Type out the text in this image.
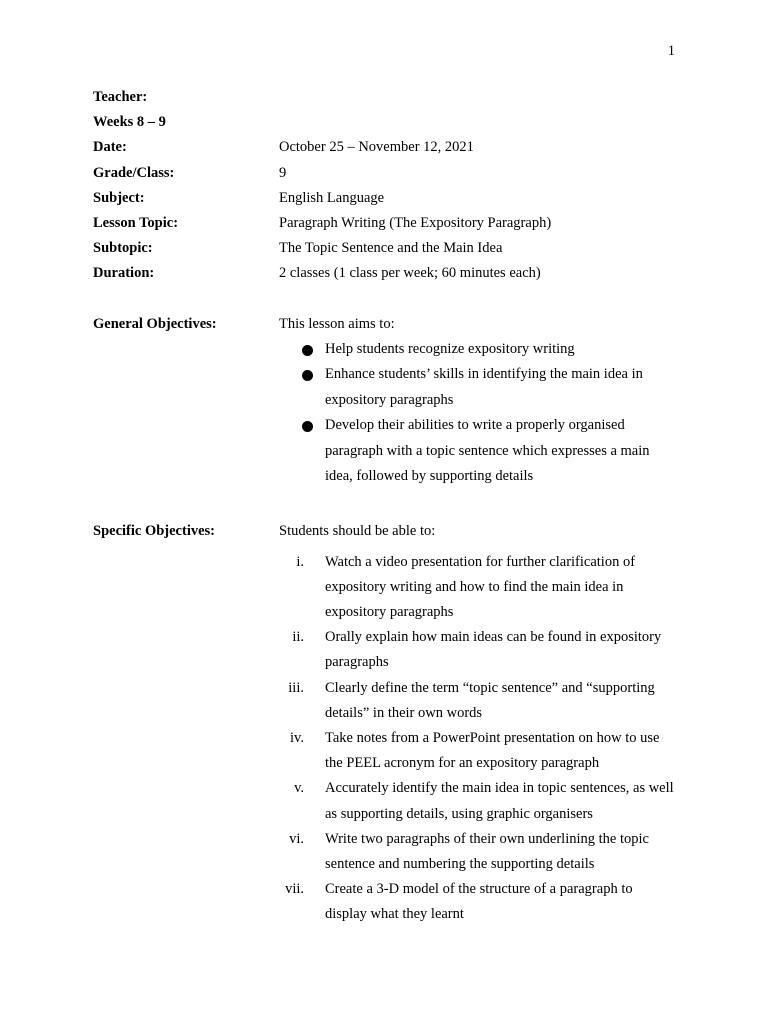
1
Teacher:
Weeks 8 – 9
Date:	October 25 – November 12, 2021
Grade/Class:	9
Subject:	English Language
Lesson Topic:	Paragraph Writing (The Expository Paragraph)
Subtopic:	The Topic Sentence and the Main Idea
Duration:	2 classes (1 class per week; 60 minutes each)
General Objectives:	This lesson aims to:
Help students recognize expository writing
Enhance students’ skills in identifying the main idea in expository paragraphs
Develop their abilities to write a properly organised paragraph with a topic sentence which expresses a main idea, followed by supporting details
Specific Objectives:	Students should be able to:
i.	Watch a video presentation for further clarification of expository writing and how to find the main idea in expository paragraphs
ii.	Orally explain how main ideas can be found in expository paragraphs
iii.	Clearly define the term “topic sentence” and “supporting details” in their own words
iv.	Take notes from a PowerPoint presentation on how to use the PEEL acronym for an expository paragraph
v.	Accurately identify the main idea in topic sentences, as well as supporting details, using graphic organisers
vi.	Write two paragraphs of their own underlining the topic sentence and numbering the supporting details
vii.	Create a 3-D model of the structure of a paragraph to display what they learnt
